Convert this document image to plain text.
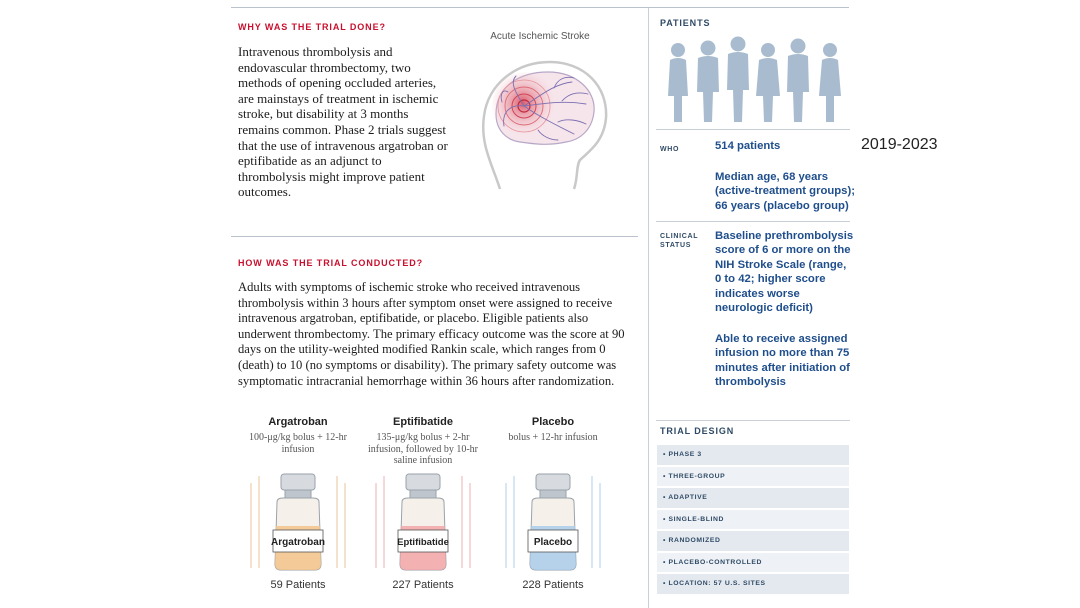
WHY WAS THE TRIAL DONE?

Intravenous thrombolysis and endovascular thrombectomy, two methods of opening occluded arteries, are mainstays of treatment in ischemic stroke, but disability at 3 months remains common. Phase 2 trials suggest that the use of intravenous argatroban or eptifibatide as an adjunct to thrombolysis might improve patient outcomes.

Acute Ischemic Stroke
HOW WAS THE TRIAL CONDUCTED?

Adults with symptoms of ischemic stroke who received intravenous thrombolysis within 3 hours after symptom onset were assigned to receive intravenous argatroban, eptifibatide, or placebo. Eligible patients also underwent thrombectomy. The primary efficacy outcome was the score at 90 days on the utility-weighted modified Rankin scale, which ranges from 0 (death) to 10 (no symptoms or disability). The primary safety outcome was symptomatic intracranial hemorrhage within 36 hours after randomization.

Argatroban
100-μg/kg bolus + 12-hr infusion
Eptifibatide
135-μg/kg bolus + 2-hr infusion, followed by 10-hr saline infusion
Placebo
bolus + 12-hr infusion
Argatroban	Eptifibatide	Placebo
59 Patients	227 Patients	228 Patients
PATIENTS
WHO	514 patients
Median age, 68 years (active-treatment groups); 66 years (placebo group)
CLINICAL
STATUS
Baseline prethrombolysis score of 6 or more on the NIH Stroke Scale (range, 0 to 42; higher score indicates worse neurologic deficit)
Able to receive assigned infusion no more than 75 minutes after initiation of thrombolysis
TRIAL DESIGN
• PHASE 3
• THREE-GROUP
• ADAPTIVE
• SINGLE-BLIND
• RANDOMIZED
• PLACEBO-CONTROLLED
• LOCATION: 57 U.S. SITES
2019-2023
